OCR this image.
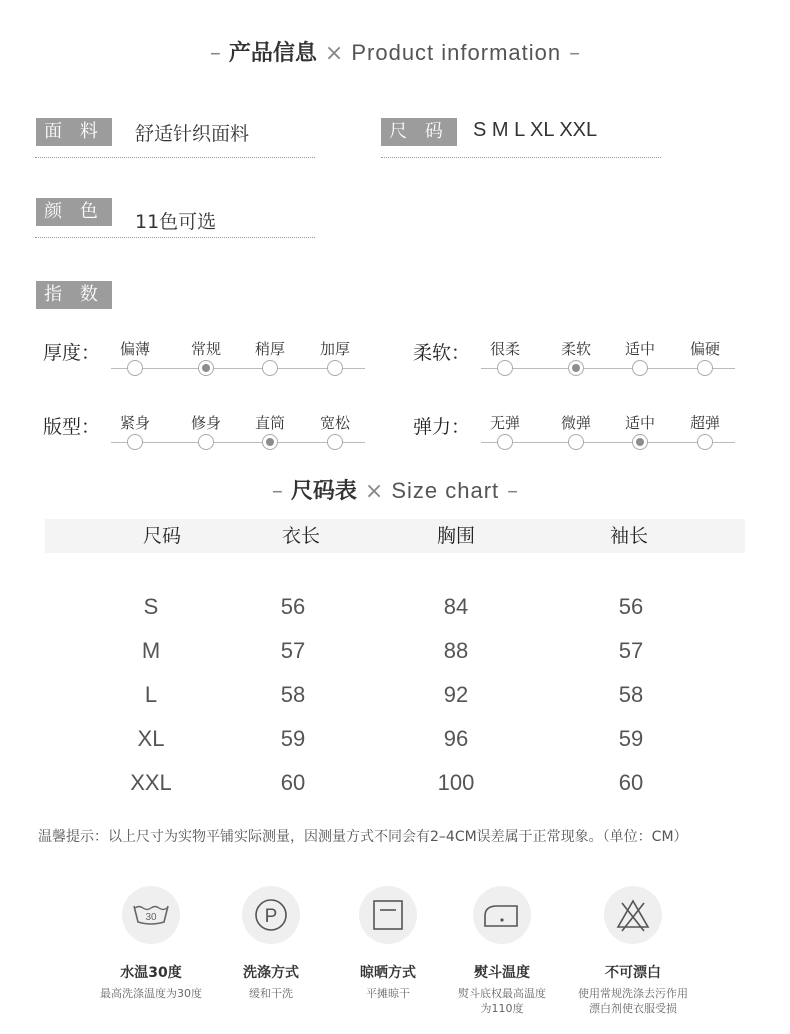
– 产品信息 × Product information –
面 料	舒适针织面料	尺 码	S M L XL XXL
颜 色	11色可选
指 数
厚度：	偏薄	常规	稍厚	加厚	柔软：	很柔	柔软	适中	偏硬
版型：	紧身	修身	直筒	宽松	弹力：	无弹	微弹	适中	超弹
– 尺码表 × Size chart –
尺码	衣长	胸围	袖长
S	56	84	56
M	57	88	57
L	58	92	58
XL	59	96	59
XXL	60	100	60
温馨提示：以上尺寸为实物平铺实际测量，因测量方式不同会有2–4CM误差属于正常现象。（单位：CM）
30
水温30度
最高洗涤温度为30度
P
洗涤方式
缓和干洗
晾晒方式
平摊晾干
熨斗温度
熨斗底权最高温度
为110度
不可漂白
使用常规洗涤去污作用
漂白剂使衣服受损
